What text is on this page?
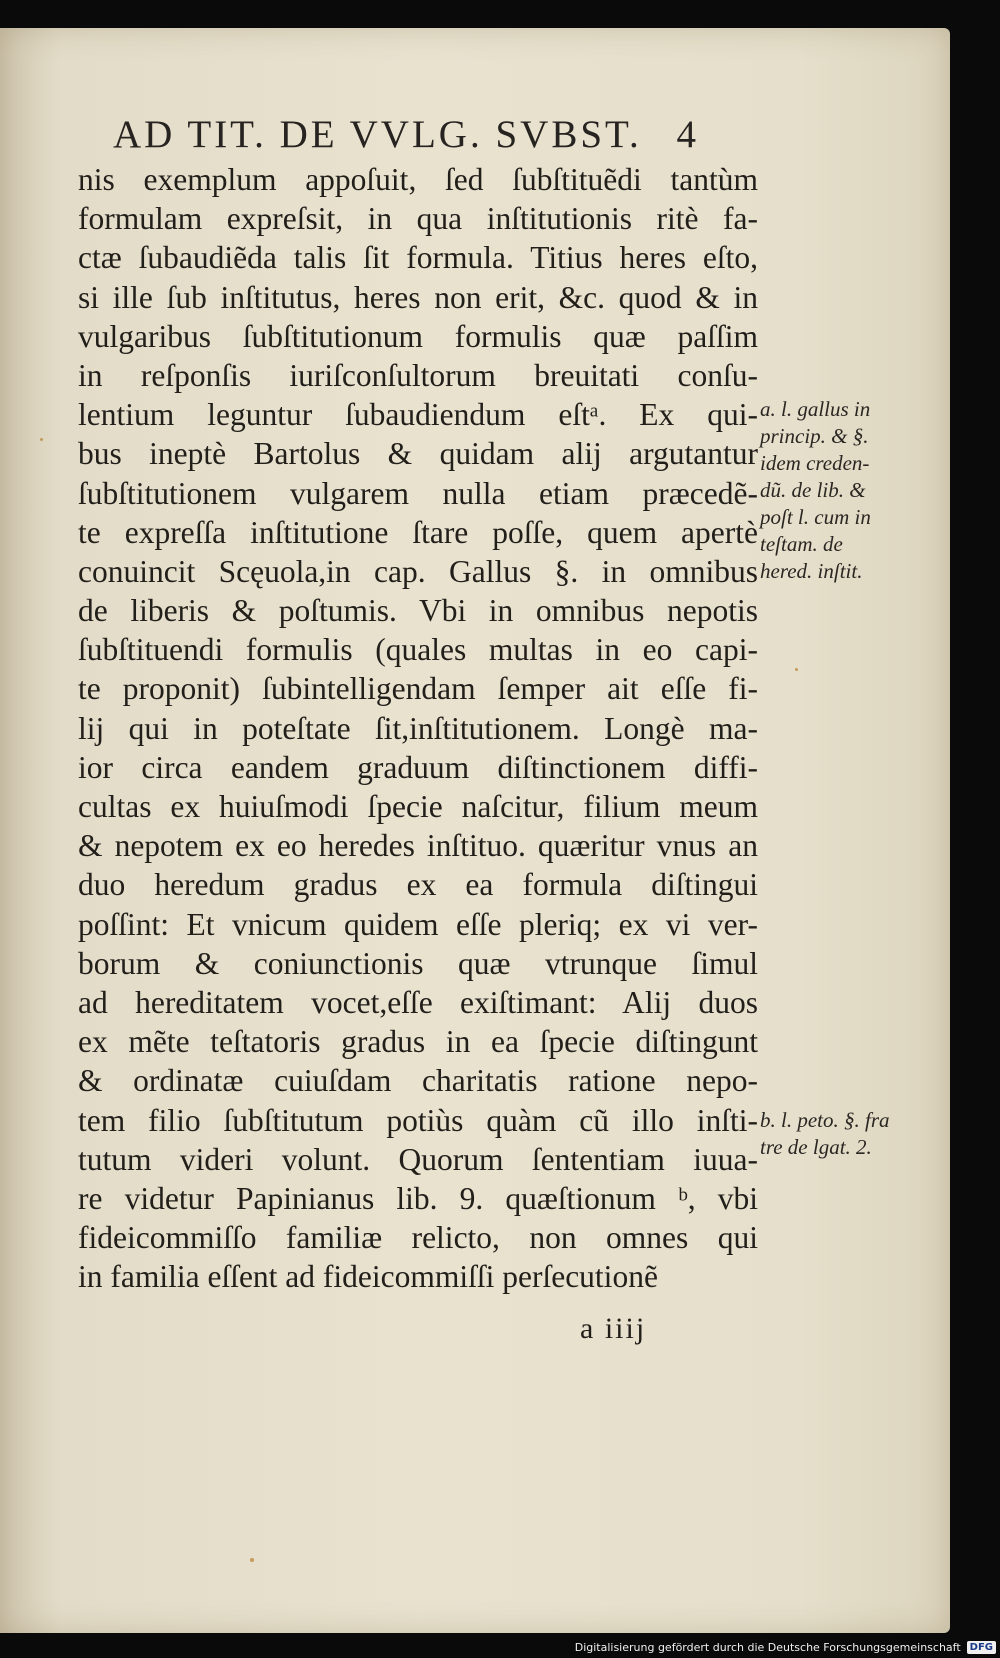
AD TIT. DE VVLG. SVBST. 4
nis exemplum appoſuit, ſed ſubſtituẽdi tantùm
formulam expreſsit, in qua inſtitutionis ritè fa-
ctæ ſubaudiẽda talis ſit formula. Titius heres eſto,
si ille ſub inſtitutus, heres non erit, &c. quod & in
vulgaribus ſubſtitutionum formulis quæ paſſim
in reſponſis iuriſconſultorum breuitati conſu-
lentium leguntur ſubaudiendum eſtᵃ. Ex qui-
bus ineptè Bartolus & quidam alij argutantur
ſubſtitutionem vulgarem nulla etiam præcedẽ-
te expreſſa inſtitutione ſtare poſſe, quem apertè
conuincit Scęuola,in cap. Gallus §. in omnibus
de liberis & poſtumis. Vbi in omnibus nepotis
ſubſtituendi formulis (quales multas in eo capi-
te proponit) ſubintelligendam ſemper ait eſſe fi-
lij qui in poteſtate ſit,inſtitutionem. Longè ma-
ior circa eandem graduum diſtinctionem diffi-
cultas ex huiuſmodi ſpecie naſcitur, filium meum
& nepotem ex eo heredes inſtituo. quæritur vnus an
duo heredum gradus ex ea formula diſtingui
poſſint: Et vnicum quidem eſſe pleriq; ex vi ver-
borum & coniunctionis quæ vtrunque ſimul
ad hereditatem vocet,eſſe exiſtimant: Alij duos
ex mẽte teſtatoris gradus in ea ſpecie diſtingunt
& ordinatæ cuiuſdam charitatis ratione nepo-
tem filio ſubſtitutum potiùs quàm cũ illo inſti-
tutum videri volunt. Quorum ſententiam iuua-
re videtur Papinianus lib. 9. quæſtionum ᵇ, vbi
fideicommiſſo familiæ relicto, non omnes qui
in familia eſſent ad fideicommiſſi perſecutionẽ
a. l. gallus in
princip. & §.
idem creden-
dũ. de lib. &
poſt l. cum in
teſtam. de
hered. inſtit.
b. l. peto. §. fra
tre de lgat. 2.
a iiij
Digitalisierung gefördert durch die Deutsche Forschungsgemeinschaft DFG
